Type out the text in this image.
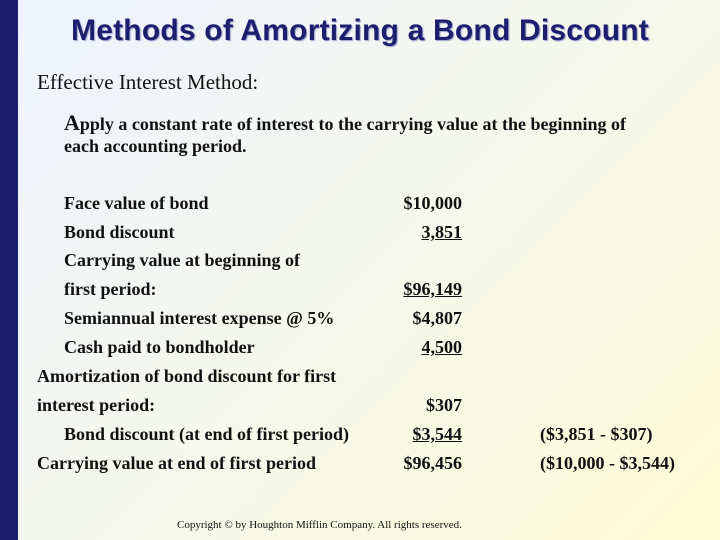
Methods of Amortizing a Bond Discount
Effective Interest Method:
Apply a constant rate of interest to the carrying value at the beginning of
each accounting period.
Face value of bond	$10,000
Bond discount	3,851
Carrying value at beginning of
first period:	$96,149
Semiannual interest expense @ 5%	$4,807
Cash paid to bondholder	4,500
Amortization of bond discount for first
interest period:	$307
Bond discount (at end of first period)	$3,544	($3,851 - $307)
Carrying value at end of first period	$96,456	($10,000 - $3,544)
Copyright © by Houghton Mifflin Company. All rights reserved.
